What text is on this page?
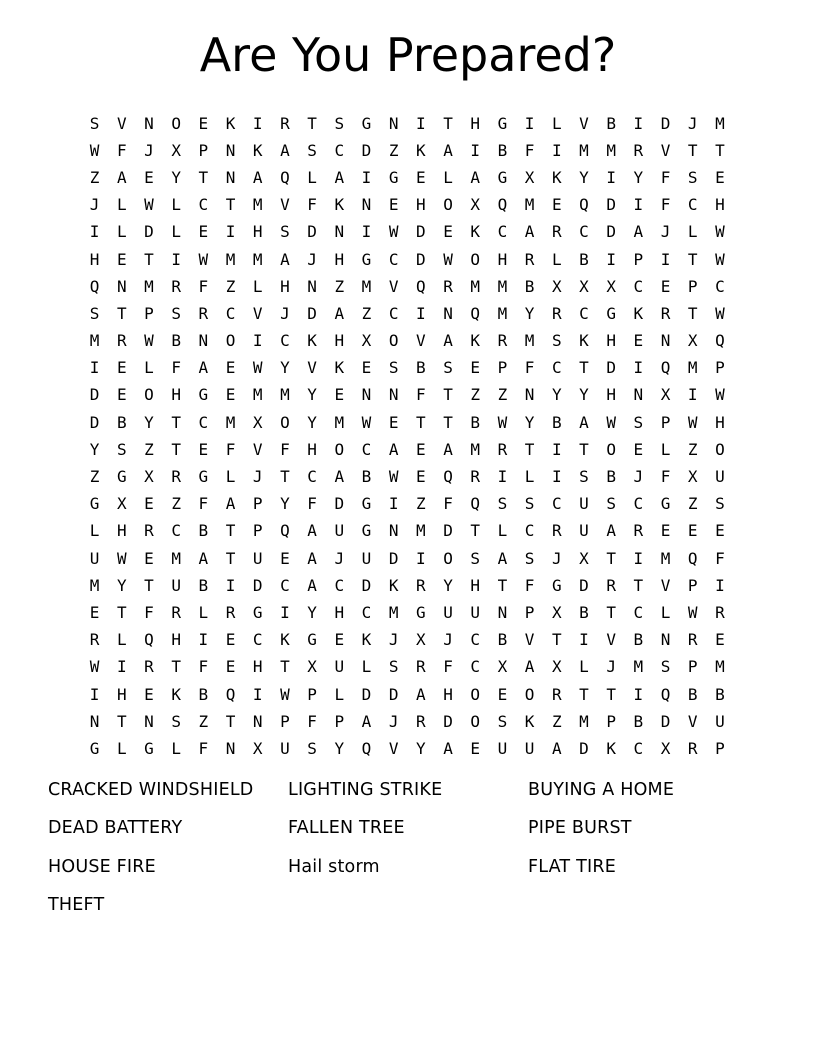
Are You Prepared?
S	V	N	O	E	K	I	R	T	S	G	N	I	T	H	G	I	L	V	B	I	D	J	M
W	F	J	X	P	N	K	A	S	C	D	Z	K	A	I	B	F	I	M	M	R	V	T	T
Z	A	E	Y	T	N	A	Q	L	A	I	G	E	L	A	G	X	K	Y	I	Y	F	S	E
J	L	W	L	C	T	M	V	F	K	N	E	H	O	X	Q	M	E	Q	D	I	F	C	H
I	L	D	L	E	I	H	S	D	N	I	W	D	E	K	C	A	R	C	D	A	J	L	W
H	E	T	I	W	M	M	A	J	H	G	C	D	W	O	H	R	L	B	I	P	I	T	W
Q	N	M	R	F	Z	L	H	N	Z	M	V	Q	R	M	M	B	X	X	X	C	E	P	C
S	T	P	S	R	C	V	J	D	A	Z	C	I	N	Q	M	Y	R	C	G	K	R	T	W
M	R	W	B	N	O	I	C	K	H	X	O	V	A	K	R	M	S	K	H	E	N	X	Q
I	E	L	F	A	E	W	Y	V	K	E	S	B	S	E	P	F	C	T	D	I	Q	M	P
D	E	O	H	G	E	M	M	Y	E	N	N	F	T	Z	Z	N	Y	Y	H	N	X	I	W
D	B	Y	T	C	M	X	O	Y	M	W	E	T	T	B	W	Y	B	A	W	S	P	W	H
Y	S	Z	T	E	F	V	F	H	O	C	A	E	A	M	R	T	I	T	O	E	L	Z	O
Z	G	X	R	G	L	J	T	C	A	B	W	E	Q	R	I	L	I	S	B	J	F	X	U
G	X	E	Z	F	A	P	Y	F	D	G	I	Z	F	Q	S	S	C	U	S	C	G	Z	S
L	H	R	C	B	T	P	Q	A	U	G	N	M	D	T	L	C	R	U	A	R	E	E	E
U	W	E	M	A	T	U	E	A	J	U	D	I	O	S	A	S	J	X	T	I	M	Q	F
M	Y	T	U	B	I	D	C	A	C	D	K	R	Y	H	T	F	G	D	R	T	V	P	I
E	T	F	R	L	R	G	I	Y	H	C	M	G	U	U	N	P	X	B	T	C	L	W	R
R	L	Q	H	I	E	C	K	G	E	K	J	X	J	C	B	V	T	I	V	B	N	R	E
W	I	R	T	F	E	H	T	X	U	L	S	R	F	C	X	A	X	L	J	M	S	P	M
I	H	E	K	B	Q	I	W	P	L	D	D	A	H	O	E	O	R	T	T	I	Q	B	B
N	T	N	S	Z	T	N	P	F	P	A	J	R	D	O	S	K	Z	M	P	B	D	V	U
G	L	G	L	F	N	X	U	S	Y	Q	V	Y	A	E	U	U	A	D	K	C	X	R	P
CRACKED WINDSHIELD
DEAD BATTERY
HOUSE FIRE
THEFT
LIGHTING STRIKE
FALLEN TREE
Hail storm
BUYING A HOME
PIPE BURST
FLAT TIRE
